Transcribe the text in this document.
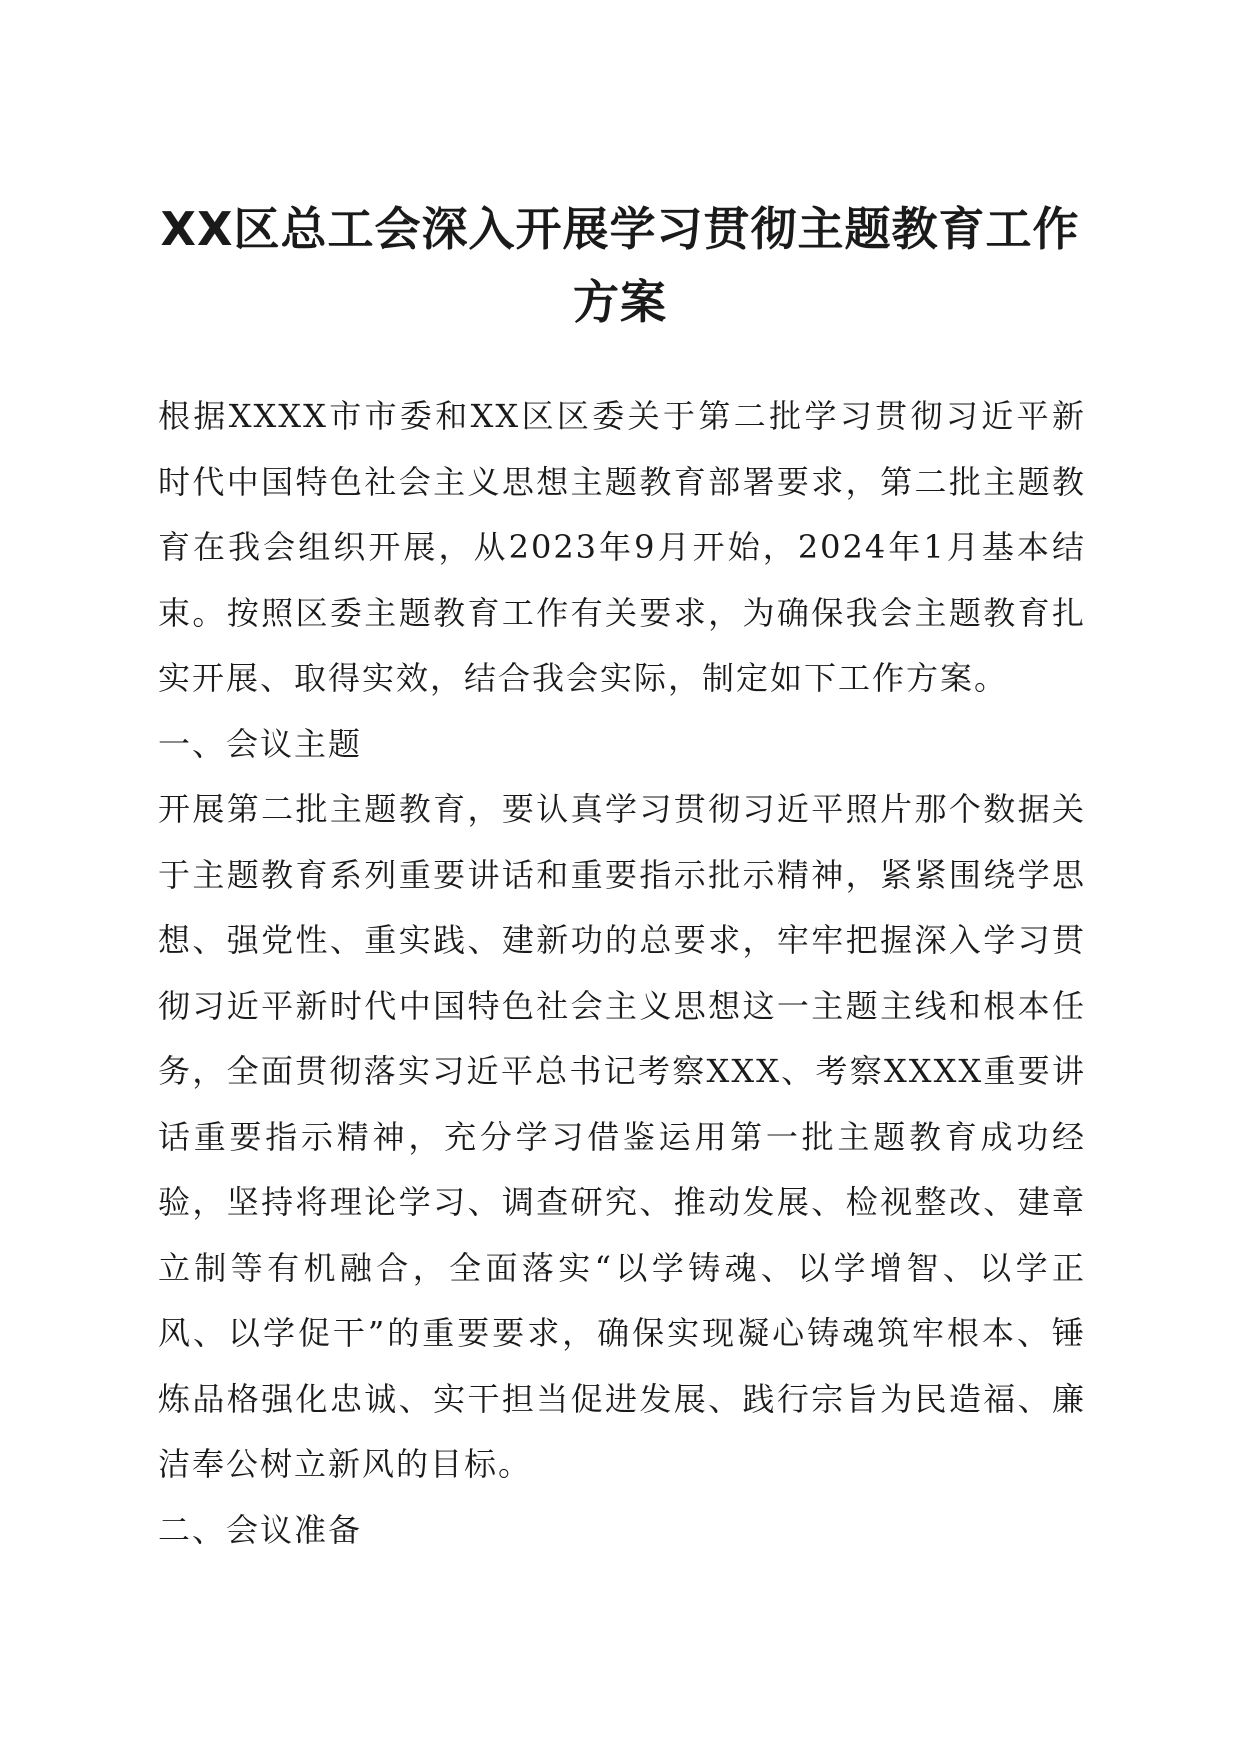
XX区总工会深入开展学习贯彻主题教育工作
方案

根据XXXX市市委和XX区区委关于第二批学习贯彻习近平新时代中国特色社会主义思想主题教育部署要求，第二批主题教育在我会组织开展，从2023年9月开始，2024年1月基本结束。按照区委主题教育工作有关要求，为确保我会主题教育扎实开展、取得实效，结合我会实际，制定如下工作方案。

一、会议主题

开展第二批主题教育，要认真学习贯彻习近平照片那个数据关于主题教育系列重要讲话和重要指示批示精神，紧紧围绕学思想、强党性、重实践、建新功的总要求，牢牢把握深入学习贯彻习近平新时代中国特色社会主义思想这一主题主线和根本任务，全面贯彻落实习近平总书记考察XXX、考察XXXX重要讲话重要指示精神，充分学习借鉴运用第一批主题教育成功经验，坚持将理论学习、调查研究、推动发展、检视整改、建章立制等有机融合，全面落实“以学铸魂、以学增智、以学正风、以学促干”的重要要求，确保实现凝心铸魂筑牢根本、锤炼品格强化忠诚、实干担当促进发展、践行宗旨为民造福、廉洁奉公树立新风的目标。

二、会议准备
